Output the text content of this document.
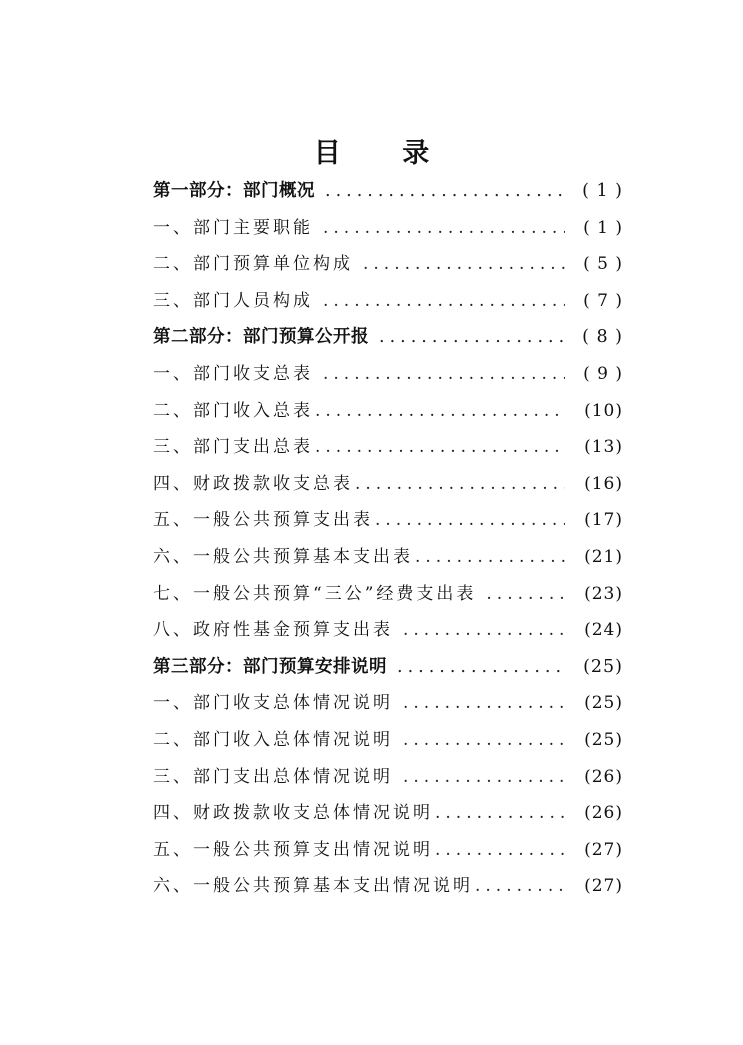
目 录
第一部分：部门概况 .....	( 1 )
一、部门主要职能 .....	( 1 )
二、部门预算单位构成 .....	( 5 )
三、部门人员构成 .....	( 7 )
第二部分：部门预算公开报 .....	( 8 )
一、部门收支总表 .....	( 9 )
二、部门收入总表 .....	(10)
三、部门支出总表 .....	(13)
四、财政拨款收支总表 .....	(16)
五、一般公共预算支出表 .....	(17)
六、一般公共预算基本支出表 .....	(21)
七、一般公共预算“三公”经费支出表 .....	(23)
八、政府性基金预算支出表 .....	(24)
第三部分：部门预算安排说明 .....	(25)
一、部门收支总体情况说明 .....	(25)
二、部门收入总体情况说明 .....	(25)
三、部门支出总体情况说明 .....	(26)
四、财政拨款收支总体情况说明 .....	(26)
五、一般公共预算支出情况说明 .....	(27)
六、一般公共预算基本支出情况说明 .....	(27)
